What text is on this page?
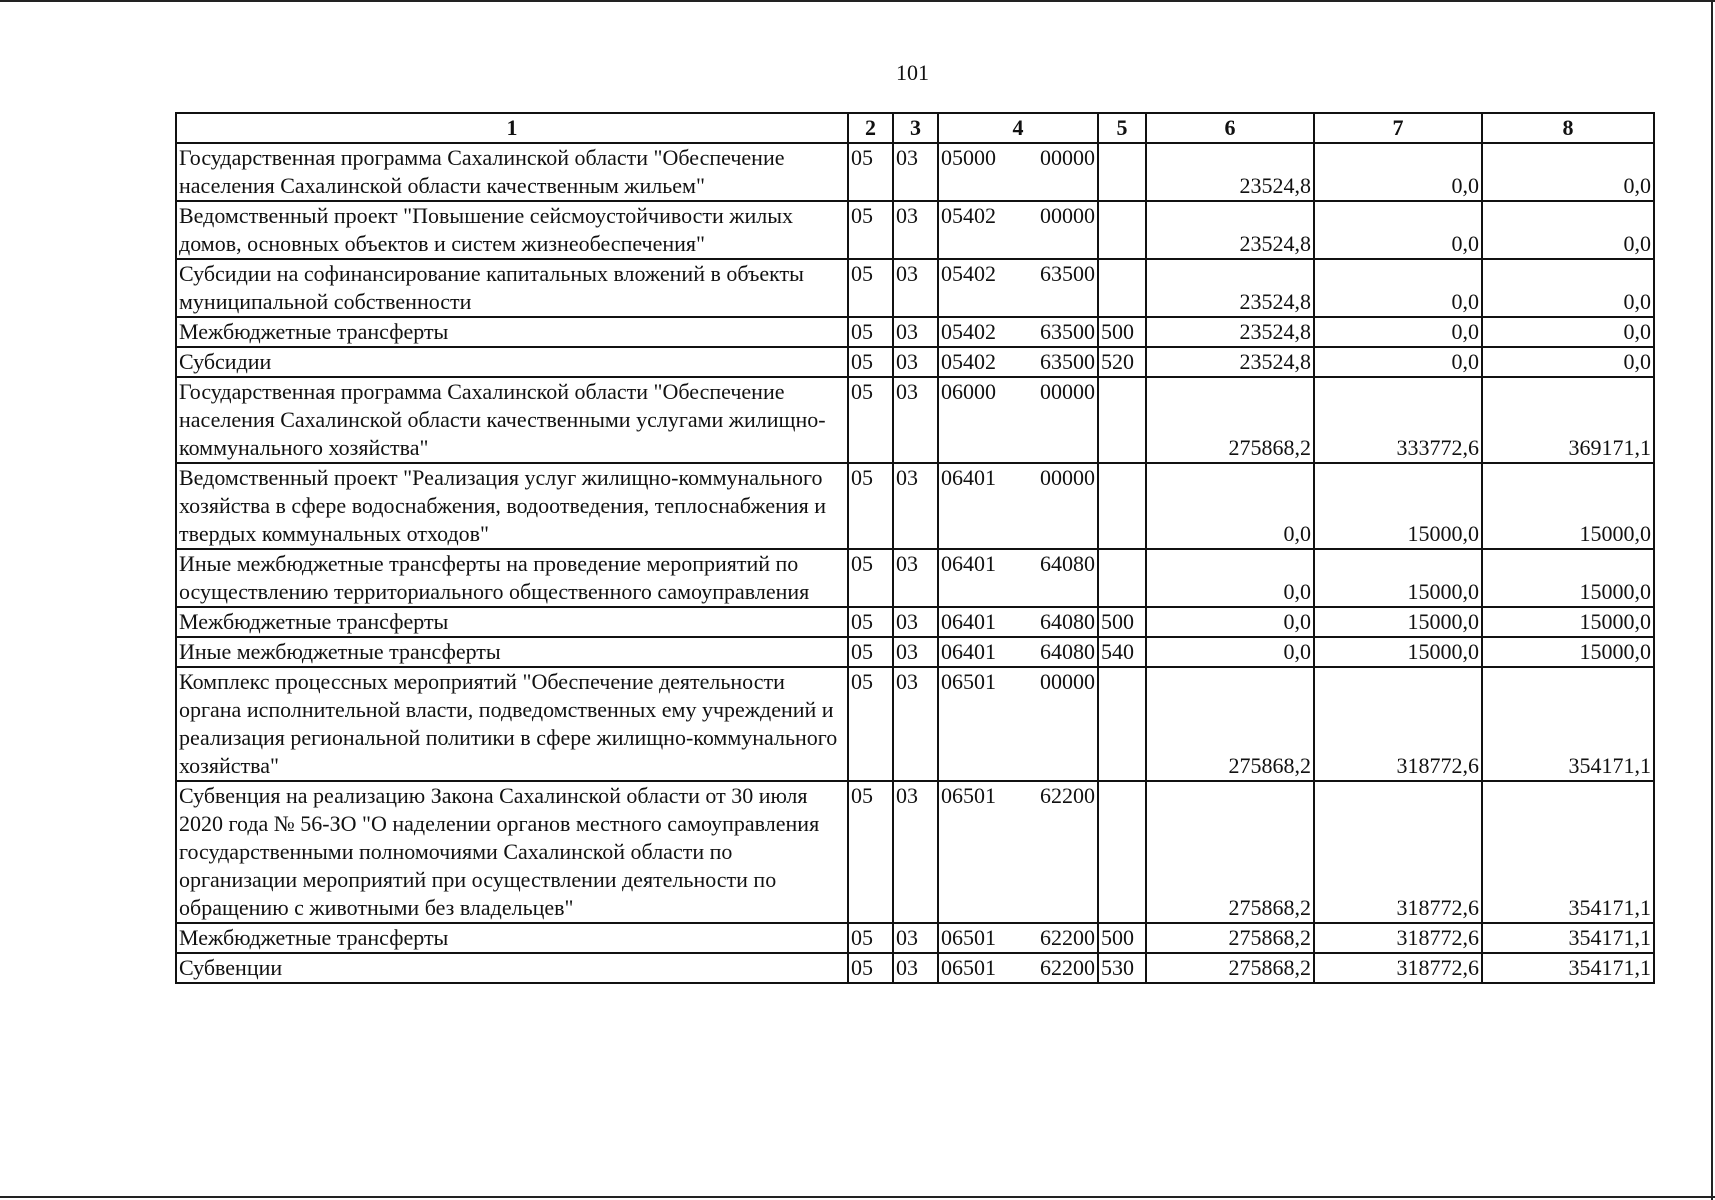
101
1	2	3	4	5	6	7	8
Государственная программа Сахалинской области "Обеспечение населения Сахалинской области качественным жильем"	05	03	05000 00000		23524,8	0,0	0,0
Ведомственный проект "Повышение сейсмоустойчивости жилых домов, основных объектов и систем жизнеобеспечения"	05	03	05402 00000		23524,8	0,0	0,0
Субсидии на софинансирование капитальных вложений в объекты муниципальной собственности	05	03	05402 63500		23524,8	0,0	0,0
Межбюджетные трансферты	05	03	05402 63500	500	23524,8	0,0	0,0
Субсидии	05	03	05402 63500	520	23524,8	0,0	0,0
Государственная программа Сахалинской области "Обеспечение населения Сахалинской области качественными услугами жилищно-коммунального хозяйства"	05	03	06000 00000		275868,2	333772,6	369171,1
Ведомственный проект "Реализация услуг жилищно-коммунального хозяйства в сфере водоснабжения, водоотведения, теплоснабжения и твердых коммунальных отходов"	05	03	06401 00000		0,0	15000,0	15000,0
Иные межбюджетные трансферты на проведение мероприятий по осуществлению территориального общественного самоуправления	05	03	06401 64080		0,0	15000,0	15000,0
Межбюджетные трансферты	05	03	06401 64080	500	0,0	15000,0	15000,0
Иные межбюджетные трансферты	05	03	06401 64080	540	0,0	15000,0	15000,0
Комплекс процессных мероприятий "Обеспечение деятельности органа исполнительной власти, подведомственных ему учреждений и реализация региональной политики в сфере жилищно-коммунального хозяйства"	05	03	06501 00000		275868,2	318772,6	354171,1
Субвенция на реализацию Закона Сахалинской области от 30 июля 2020 года № 56-ЗО "О наделении органов местного самоуправления государственными полномочиями Сахалинской области по организации мероприятий при осуществлении деятельности по обращению с животными без владельцев"	05	03	06501 62200		275868,2	318772,6	354171,1
Межбюджетные трансферты	05	03	06501 62200	500	275868,2	318772,6	354171,1
Субвенции	05	03	06501 62200	530	275868,2	318772,6	354171,1
